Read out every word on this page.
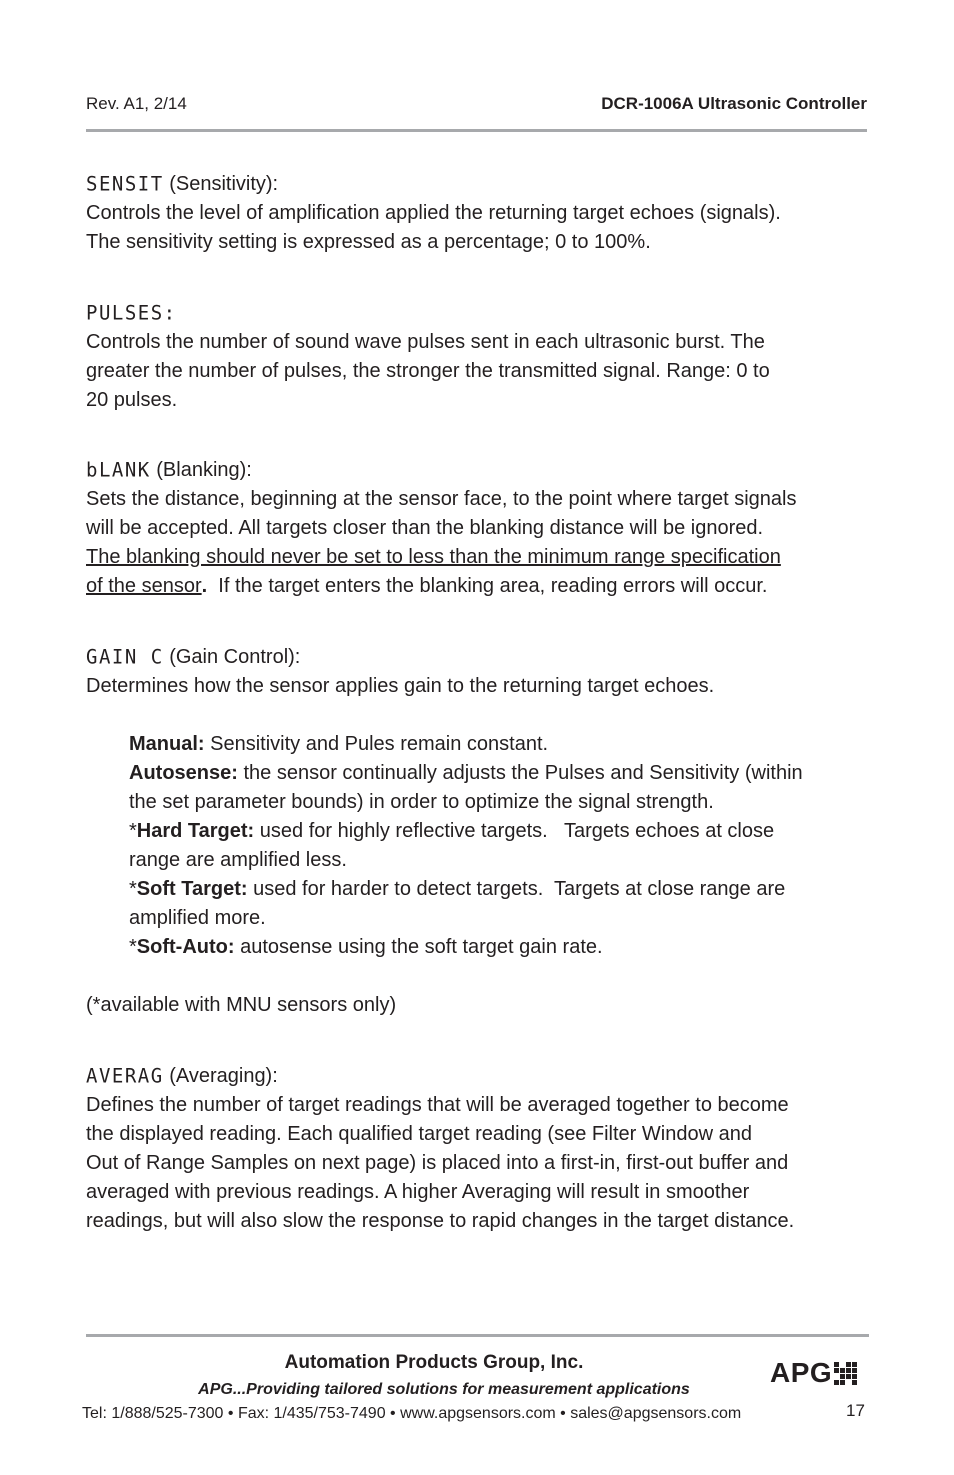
Rev. A1, 2/14	DCR-1006A Ultrasonic Controller

SENSIT (Sensitivity):

Controls the level of amplification applied the returning target echoes (signals).

The sensitivity setting is expressed as a percentage; 0 to 100%.

PULSES:

Controls the number of sound wave pulses sent in each ultrasonic burst. The

greater the number of pulses, the stronger the transmitted signal. Range: 0 to

20 pulses.

bLANK (Blanking):

Sets the distance, beginning at the sensor face, to the point where target signals

will be accepted. All targets closer than the blanking distance will be ignored.

The blanking should never be set to less than the minimum range specification

of the sensor.  If the target enters the blanking area, reading errors will occur.

GAIN C (Gain Control):

Determines how the sensor applies gain to the returning target echoes.

Manual: Sensitivity and Pules remain constant.

Autosense: the sensor continually adjusts the Pulses and Sensitivity (within

the set parameter bounds) in order to optimize the signal strength.

*Hard Target: used for highly reflective targets.   Targets echoes at close

range are amplified less.

*Soft Target: used for harder to detect targets.  Targets at close range are

amplified more.

*Soft-Auto: autosense using the soft target gain rate.

(*available with MNU sensors only)

AVERAG (Averaging):

Defines the number of target readings that will be averaged together to become

the displayed reading. Each qualified target reading (see Filter Window and

Out of Range Samples on next page) is placed into a first-in, first-out buffer and

averaged with previous readings. A higher Averaging will result in smoother

readings, but will also slow the response to rapid changes in the target distance.

Automation Products Group, Inc.
APG...Providing tailored solutions for measurement applications
Tel: 1/888/525-7300 • Fax: 1/435/753-7490 • www.apgsensors.com • sales@apgsensors.com
APG
17
